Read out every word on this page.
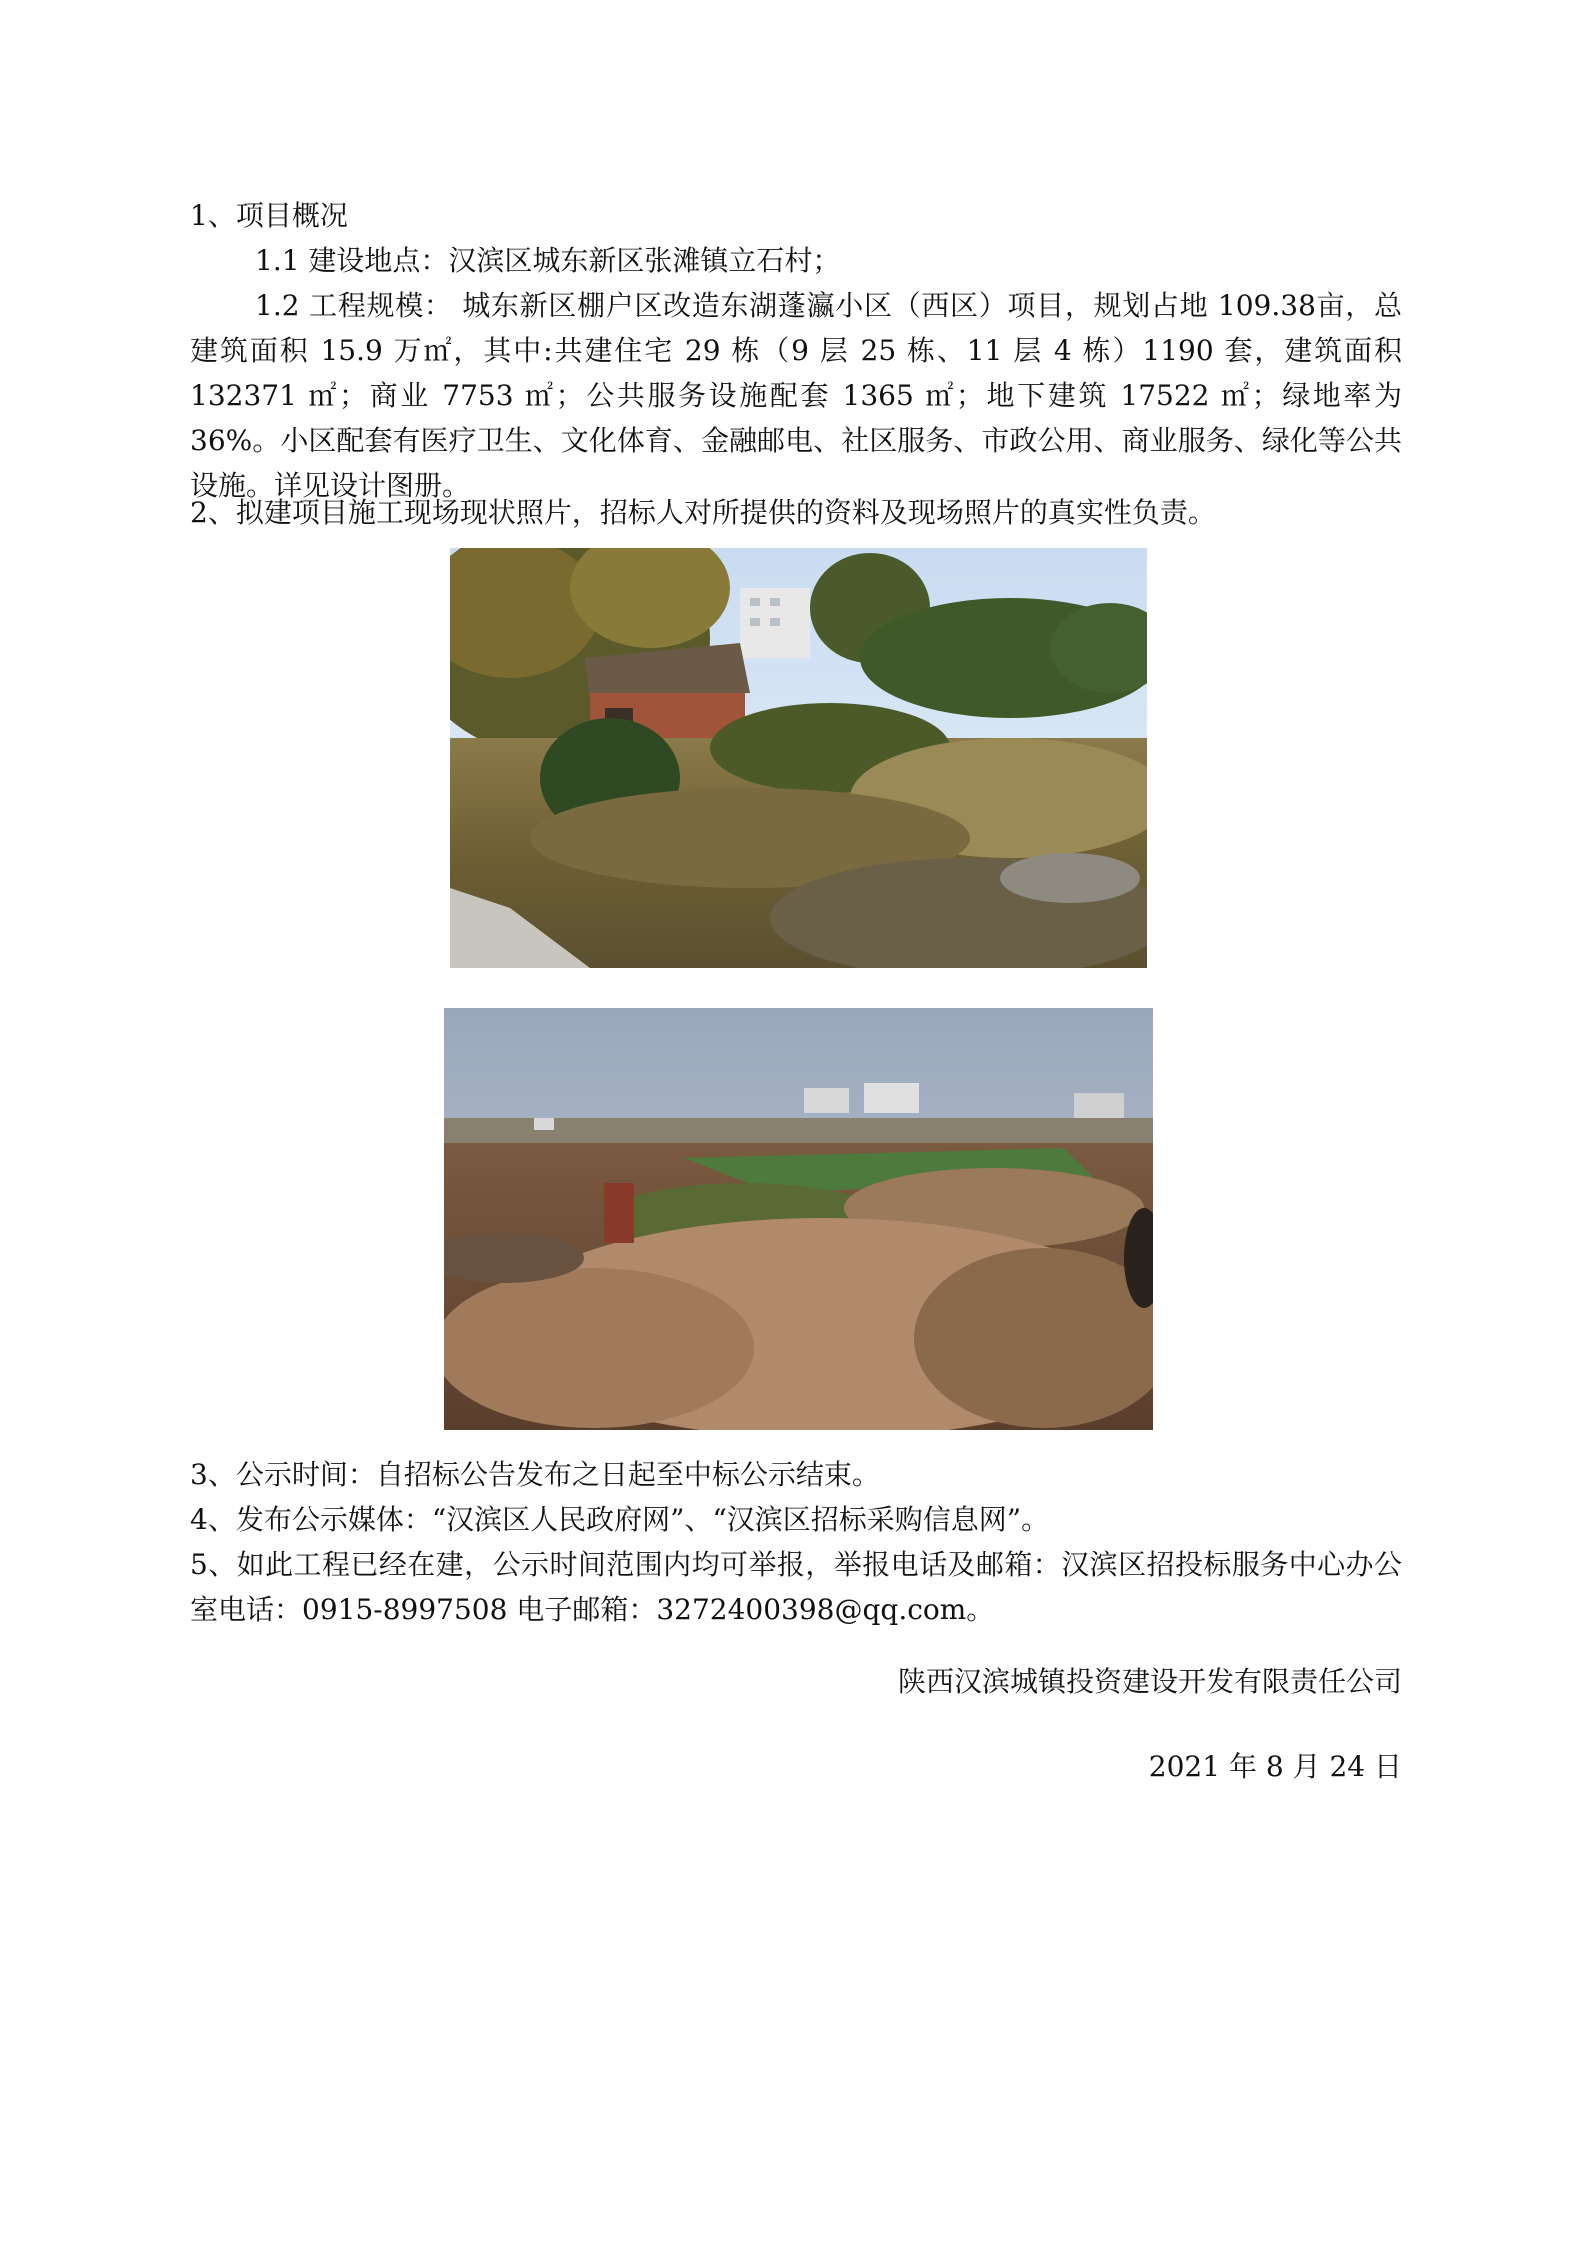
1、项目概况

1.1 建设地点：汉滨区城东新区张滩镇立石村；

1.2 工程规模： 城东新区棚户区改造东湖蓬瀛小区（西区）项目，规划占地 109.38亩，总建筑面积 15.9 万㎡，其中:共建住宅 29 栋（9 层 25 栋、11 层 4 栋）1190 套，建筑面积 132371 ㎡；商业 7753 ㎡；公共服务设施配套 1365 ㎡；地下建筑 17522 ㎡；绿地率为 36%。小区配套有医疗卫生、文化体育、金融邮电、社区服务、市政公用、商业服务、绿化等公共设施。详见设计图册。

2、拟建项目施工现场现状照片，招标人对所提供的资料及现场照片的真实性负责。

3、公示时间：自招标公告发布之日起至中标公示结束。

4、发布公示媒体：“汉滨区人民政府网”、“汉滨区招标采购信息网”。

5、如此工程已经在建，公示时间范围内均可举报，举报电话及邮箱：汉滨区招投标服务中心办公室电话：0915-8997508 电子邮箱：3272400398@qq.com。

陕西汉滨城镇投资建设开发有限责任公司

2021 年 8 月 24 日
